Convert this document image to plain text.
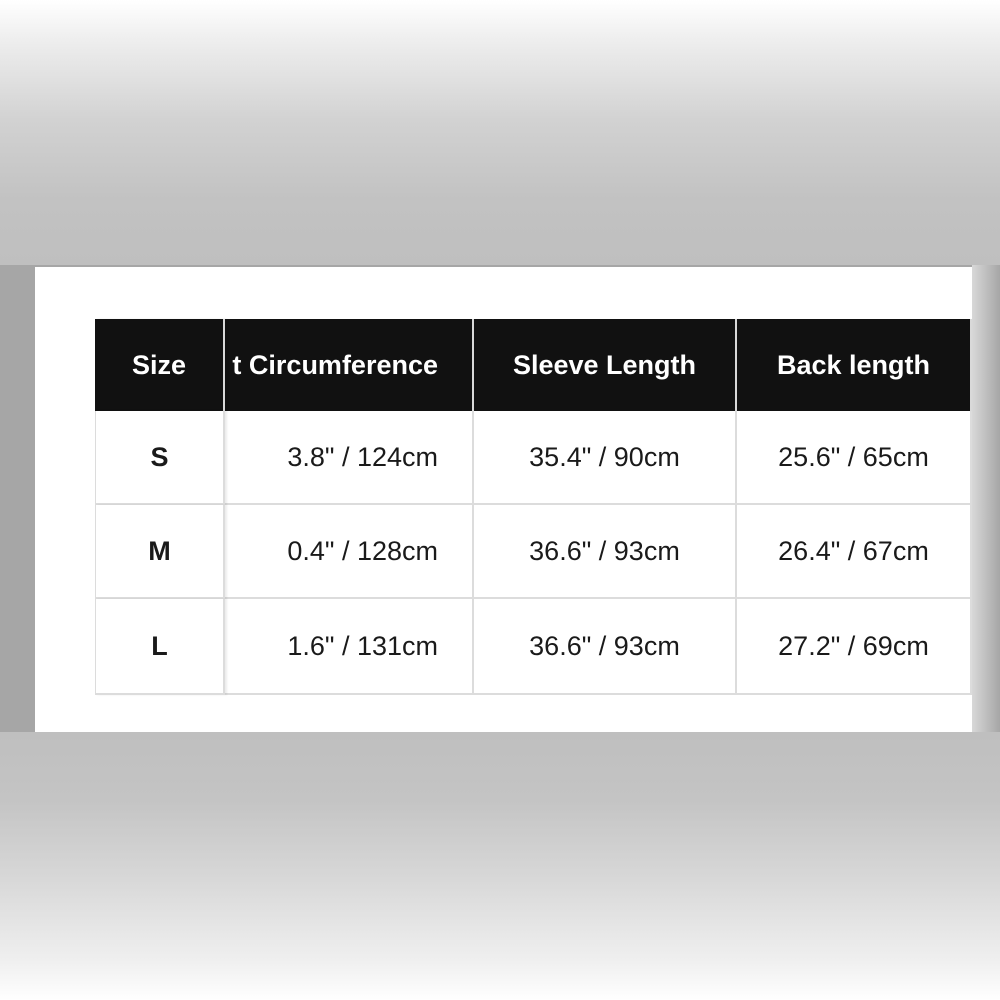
Size
S
M
L
t Circumference
3.8" / 124cm
0.4" / 128cm
1.6" / 131cm
Sleeve Length
35.4" / 90cm
36.6" / 93cm
36.6" / 93cm
Back length
25.6" / 65cm
26.4" / 67cm
27.2" / 69cm
